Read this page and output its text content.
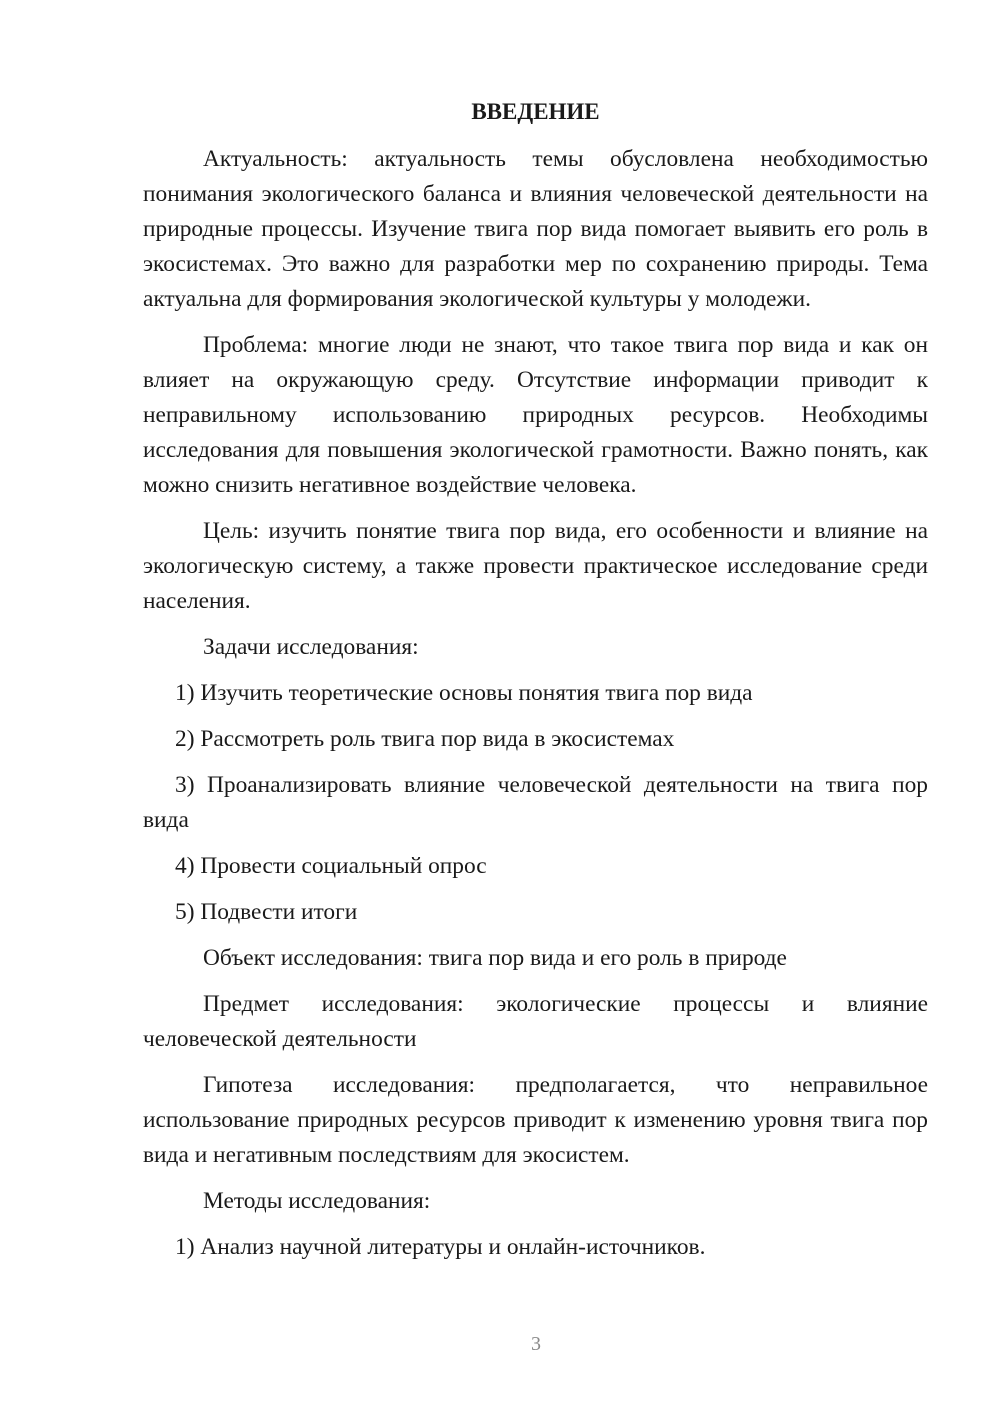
ВВЕДЕНИЕ

Актуальность: актуальность темы обусловлена необходимостью понимания экологического баланса и влияния человеческой деятельности на природные процессы. Изучение твига пор вида помогает выявить его роль в экосистемах. Это важно для разработки мер по сохранению природы. Тема актуальна для формирования экологической культуры у молодежи.

Проблема: многие люди не знают, что такое твига пор вида и как он влияет на окружающую среду. Отсутствие информации приводит к неправильному использованию природных ресурсов. Необходимы исследования для повышения экологической грамотности. Важно понять, как можно снизить негативное воздействие человека.

Цель: изучить понятие твига пор вида, его особенности и влияние на экологическую систему, а также провести практическое исследование среди населения.

Задачи исследования:

1) Изучить теоретические основы понятия твига пор вида

2) Рассмотреть роль твига пор вида в экосистемах

3) Проанализировать влияние человеческой деятельности на твига пор вида

4) Провести социальный опрос

5) Подвести итоги

Объект исследования: твига пор вида и его роль в природе

Предмет исследования: экологические процессы и влияние человеческой деятельности

Гипотеза исследования: предполагается, что неправильное использование природных ресурсов приводит к изменению уровня твига пор вида и негативным последствиям для экосистем.

Методы исследования:

1) Анализ научной литературы и онлайн-источников.

3
